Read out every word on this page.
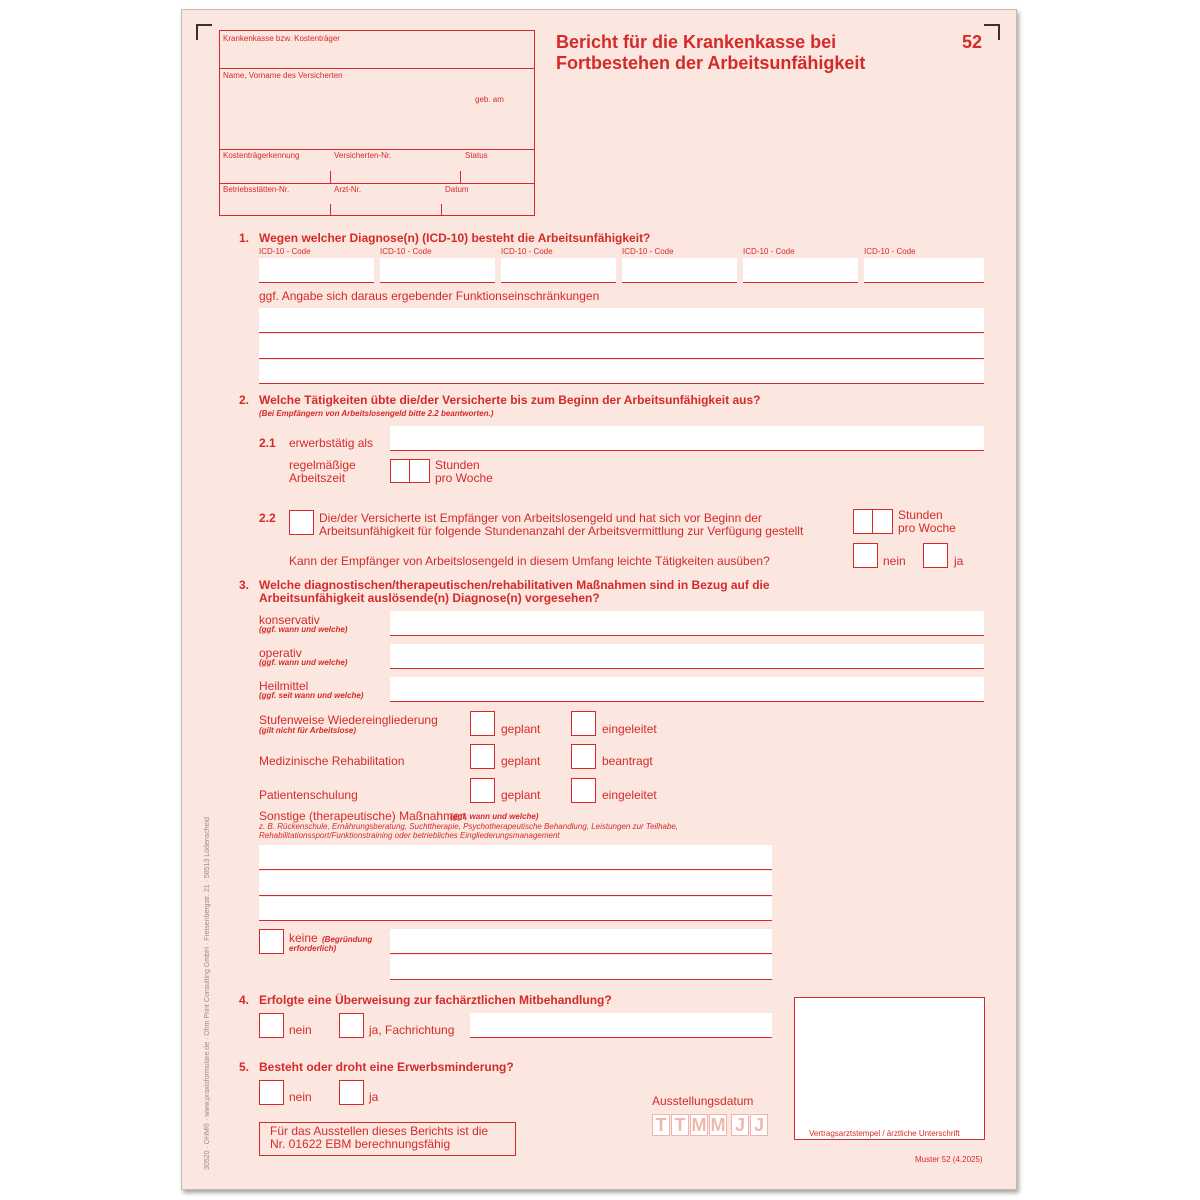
Krankenkasse bzw. Kostenträger
Name, Vorname des Versicherten
geb. am
Kostenträgerkennung	Versicherten-Nr.	Status
Betriebsstätten-Nr.	Arzt-Nr.	Datum
Bericht für die Krankenkasse bei
Fortbestehen der Arbeitsunfähigkeit
52
1. Wegen welcher Diagnose(n) (ICD-10) besteht die Arbeitsunfähigkeit?
ICD-10 - Code	ICD-10 - Code	ICD-10 - Code	ICD-10 - Code	ICD-10 - Code	ICD-10 - Code
ggf. Angabe sich daraus ergebender Funktionseinschränkungen
2. Welche Tätigkeiten übte die/der Versicherte bis zum Beginn der Arbeitsunfähigkeit aus?
(Bei Empfängern von Arbeitslosengeld bitte 2.2 beantworten.)
2.1 erwerbstätig als
regelmäßige
Arbeitszeit
Stunden
pro Woche
2.2	Die/der Versicherte ist Empfänger von Arbeitslosengeld und hat sich vor Beginn der
Arbeitsunfähigkeit für folgende Stundenanzahl der Arbeitsvermittlung zur Verfügung gestellt
Stunden
pro Woche
Kann der Empfänger von Arbeitslosengeld in diesem Umfang leichte Tätigkeiten ausüben?	nein	ja
3. Welche diagnostischen/therapeutischen/rehabilitativen Maßnahmen sind in Bezug auf die
Arbeitsunfähigkeit auslösende(n) Diagnose(n) vorgesehen?
konservativ
(ggf. wann und welche)
operativ
(ggf. wann und welche)
Heilmittel
(ggf. seit wann und welche)
Stufenweise Wiedereingliederung
(gilt nicht für Arbeitslose)	geplant	eingeleitet
Medizinische Rehabilitation	geplant	beantragt
Patientenschulung	geplant	eingeleitet
Sonstige (therapeutische) Maßnahmen
(ggf. wann und welche)
z. B. Rückenschule, Ernährungsberatung, Suchttherapie, Psychotherapeutische Behandlung, Leistungen zur Teilhabe,
Rehabilitationssport/Funktionstraining oder betriebliches Eingliederungsmanagement
keine (Begründung
erforderlich)
4. Erfolgte eine Überweisung zur fachärztlichen Mitbehandlung?
nein	ja, Fachrichtung
5. Besteht oder droht eine Erwerbsminderung?
nein	ja
Für das Ausstellen dieses Berichts ist die
Nr. 01622 EBM berechnungsfähig
Ausstellungsdatum
T T M M J J	Vertragsarztstempel / ärztliche Unterschrift
Muster 52 (4.2025)
30520 · OHM® · www.praxisformulare.de · Ohm Print Consulting GmbH · Freisenbergstr. 21 · 58513 Lüdenscheid
